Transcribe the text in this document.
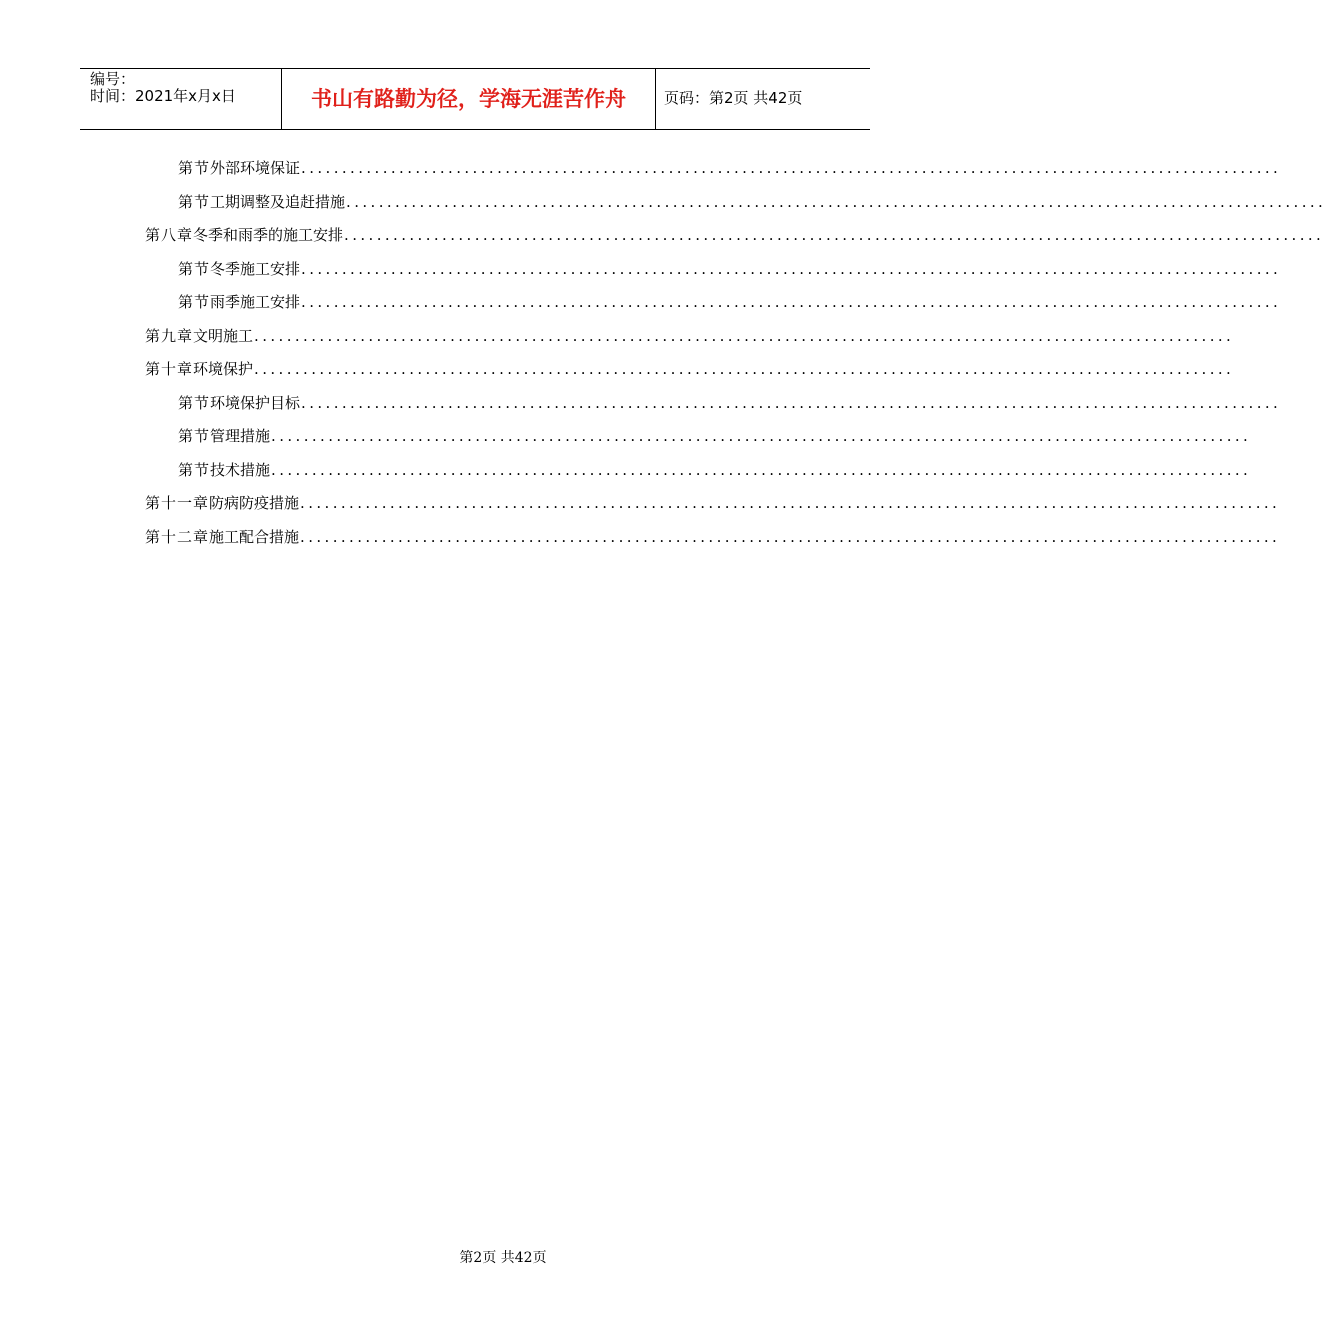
编号：
时间：2021年x月x日	书山有路勤为径，学海无涯苦作舟	页码：第2页 共42页
第节 外部环境保证 ........................................................................................................................
第节 工期调整及追赶措施 ........................................................................................................................
第八章 冬季和雨季的施工安排 ........................................................................................................................
第节 冬季施工安排 ........................................................................................................................
第节 雨季施工安排 ........................................................................................................................
第九章 文明施工 ........................................................................................................................
第十章 环境保护 ........................................................................................................................
第节 环境保护目标 ........................................................................................................................
第节 管理措施 ........................................................................................................................
第节 技术措施 ........................................................................................................................
第十一章 防病防疫措施 ........................................................................................................................
第十二章 施工配合措施 ........................................................................................................................
第2页 共42页
